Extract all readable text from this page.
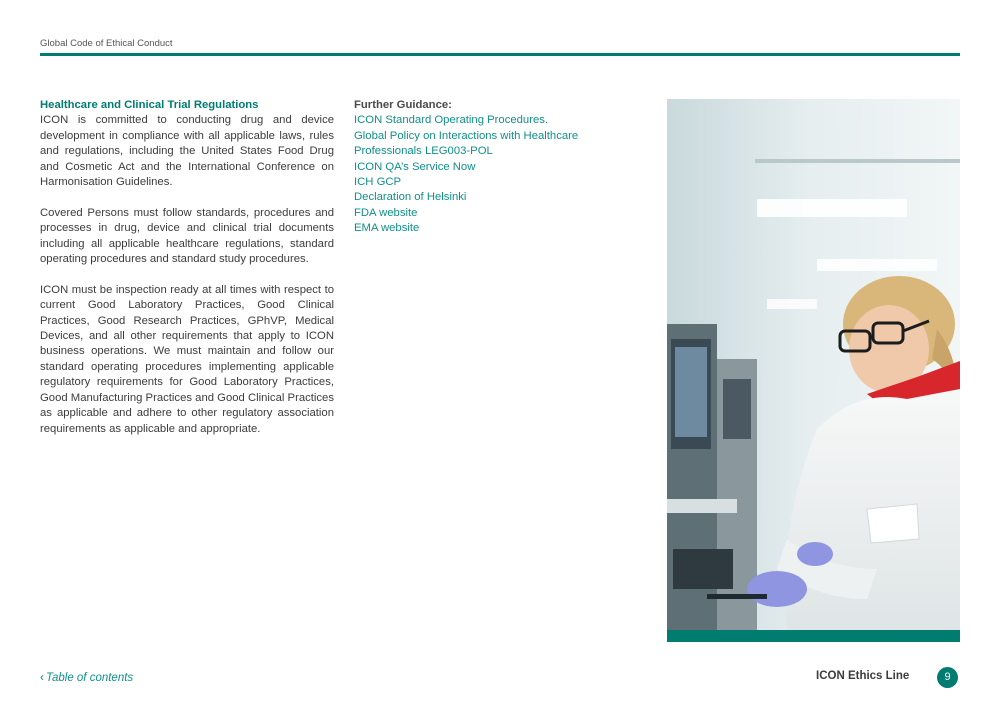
Global Code of Ethical Conduct
Healthcare and Clinical Trial Regulations

ICON is committed to conducting drug and device development in compliance with all applicable laws, rules and regulations, including the United States Food Drug and Cosmetic Act and the International Conference on Harmonisation Guidelines.

Covered Persons must follow standards, procedures and processes in drug, device and clinical trial documents including all applicable healthcare regulations, standard operating procedures and standard study procedures.

ICON must be inspection ready at all times with respect to current Good Laboratory Practices, Good Clinical Practices, Good Research Practices, GPhVP, Medical Devices, and all other requirements that apply to ICON business operations. We must maintain and follow our standard operating procedures implementing applicable regulatory requirements for Good Laboratory Practices, Good Manufacturing Practices and Good Clinical Practices as applicable and adhere to other regulatory association requirements as applicable and appropriate.

Further Guidance:
ICON Standard Operating Procedures.
Global Policy on Interactions with Healthcare
Professionals LEG003-POL
ICON QA’s Service Now
ICH GCP
Declaration of Helsinki
FDA website
EMA website
‹ Table of contents	ICON Ethics Line	9
